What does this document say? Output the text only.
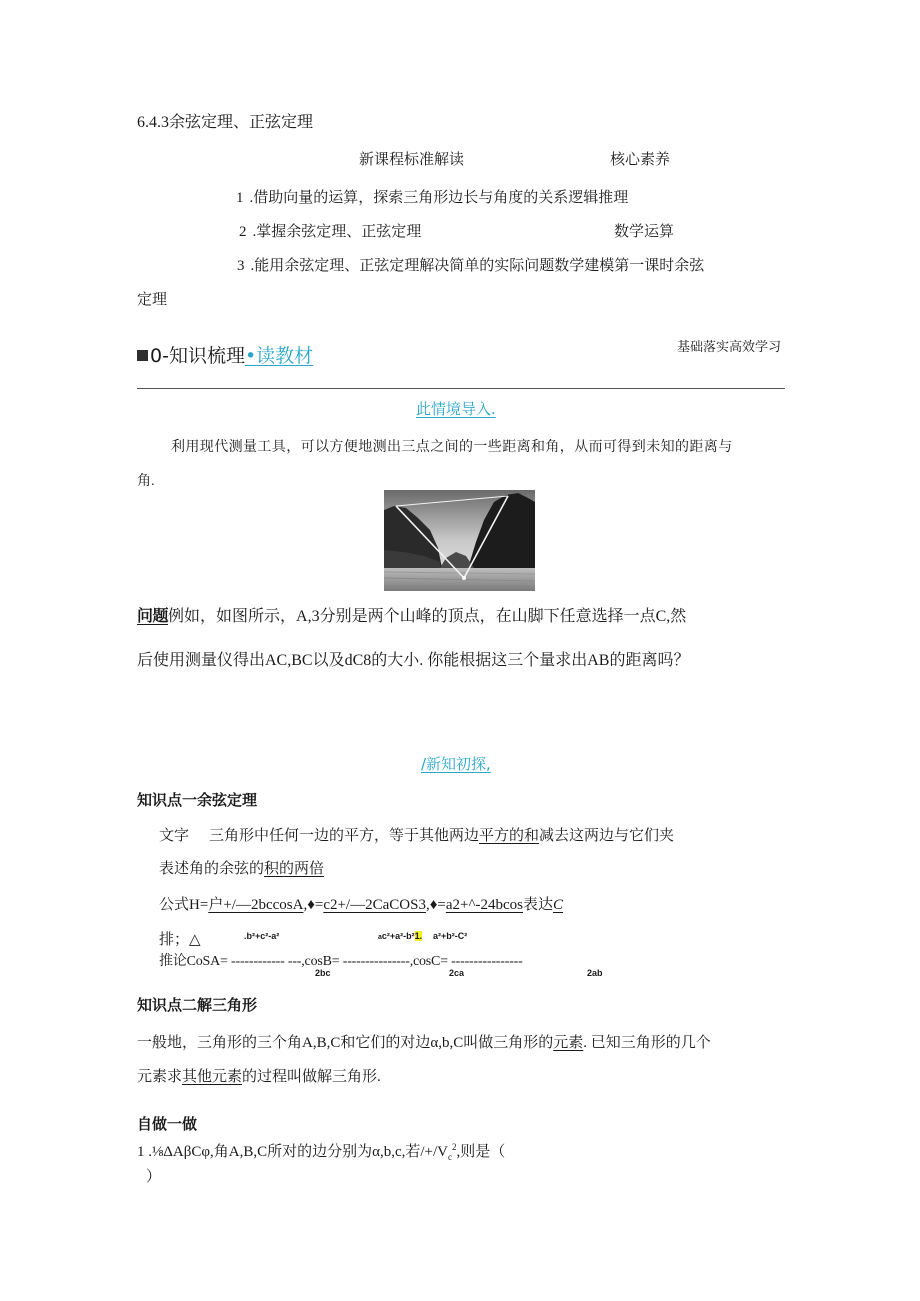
6.4.3余弦定理、正弦定理
新课程标准解读	核心素养
1 .借助向量的运算，探索三角形边长与角度的关系逻辑推理
2 .掌握余弦定理、正弦定理	数学运算
3 .能用余弦定理、正弦定理解决简单的实际问题数学建模第一课时余弦
定理
0-知识梳理•读教材	基础落实高效学习
此情境导入.
利用现代测量工具，可以方便地测出三点之间的一些距离和角，从而可得到未知的距离与
角.
问题例如，如图所示，A,3分别是两个山峰的顶点，在山脚下任意选择一点C,然
后使用测量仪得出AC,BC以及dC8的大小. 你能根据这三个量求出AB的距离吗？
/新知初探,
知识点一余弦定理
文字 三角形中任何一边的平方，等于其他两边平方的和减去这两边与它们夹
表述角的余弦的积的两倍
公式H=户+/—2bccosA,♦=c2+/—2CaCOS3,♦=a2+^-24bcos表达C
排；△	.b²+c²-a²	ac²+a²-b²1. a²+b²-C²
推论CoSA= ------------ ---,cosB= ---------------,cosC= ----------------
2bc	2ca	2ab
知识点二解三角形
一般地，三角形的三个角A,B,C和它们的对边α,b,C叫做三角形的元素. 已知三角形的几个
元素求其他元素的过程叫做解三角形.
自做一做
1 .⅛ΔAβCφ,角A,B,C所对的边分别为α,b,c,若$/+/V_c^2$,则是（
）
